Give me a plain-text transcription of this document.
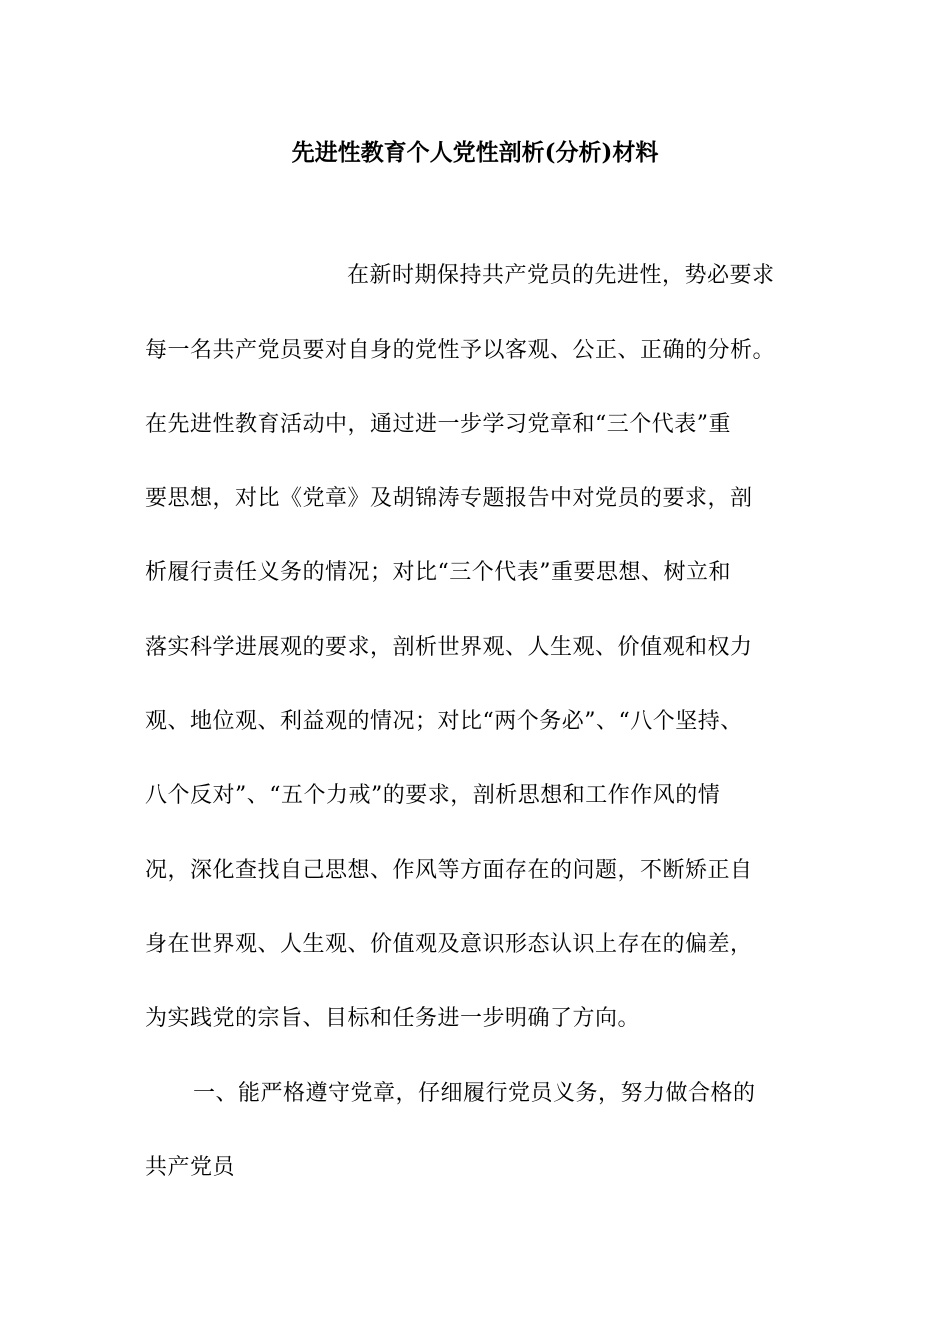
先进性教育个人党性剖析(分析)材料
在新时期保持共产党员的先进性，势必要求
每一名共产党员要对自身的党性予以客观、公正、正确的分析。
在先进性教育活动中，通过进一步学习党章和“三个代表”重
要思想，对比《党章》及胡锦涛专题报告中对党员的要求，剖
析履行责任义务的情况；对比“三个代表”重要思想、树立和
落实科学进展观的要求，剖析世界观、人生观、价值观和权力
观、地位观、利益观的情况；对比“两个务必”、“八个坚持、
八个反对”、“五个力戒”的要求，剖析思想和工作作风的情
况，深化查找自己思想、作风等方面存在的问题，不断矫正自
身在世界观、人生观、价值观及意识形态认识上存在的偏差，
为实践党的宗旨、目标和任务进一步明确了方向。
一、能严格遵守党章，仔细履行党员义务，努力做合格的
共产党员
